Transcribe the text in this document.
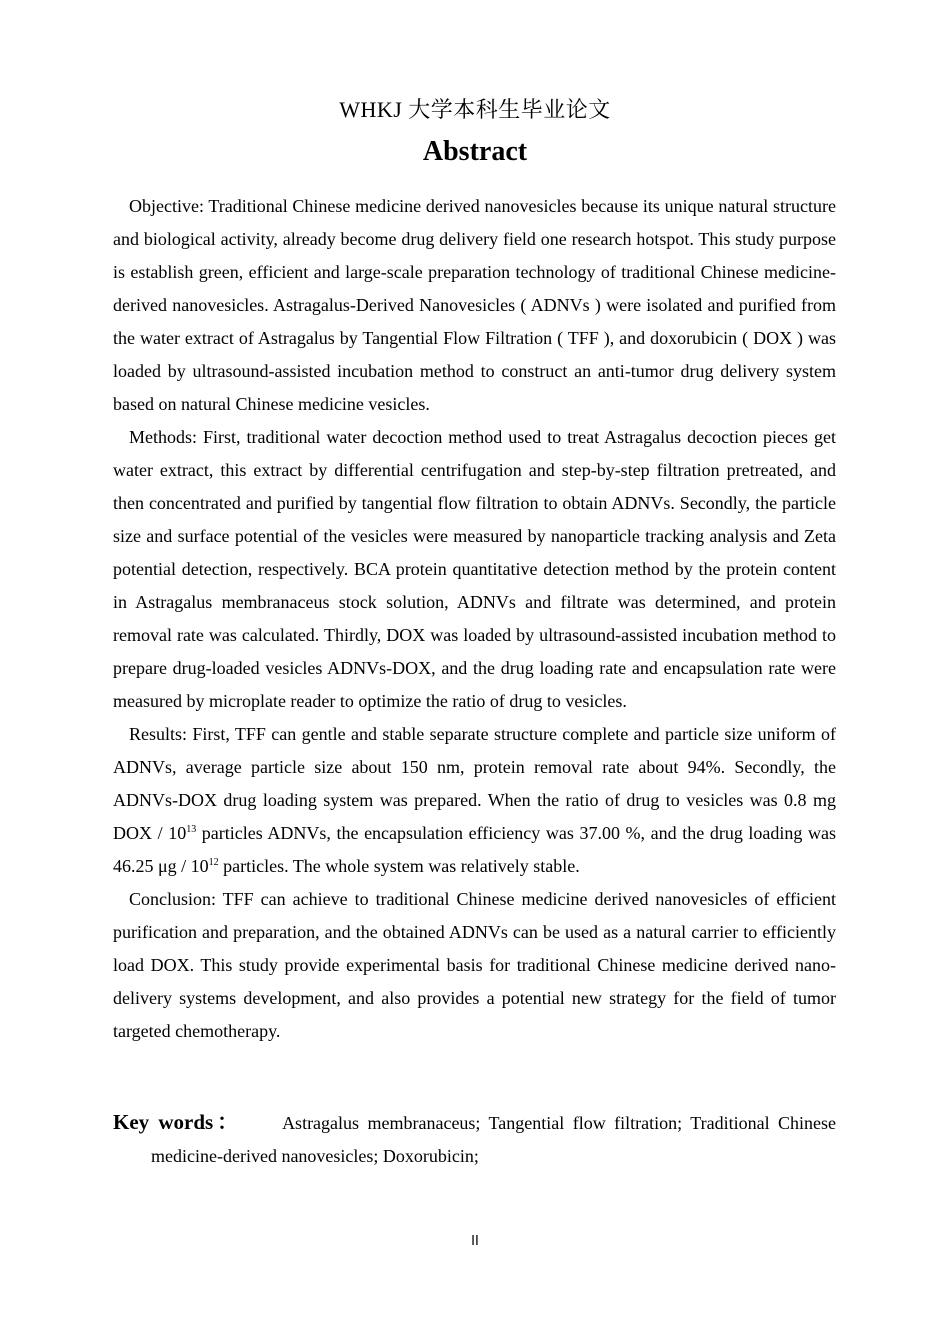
WHKJ 大学本科生毕业论文
Abstract

Objective: Traditional Chinese medicine derived nanovesicles because its unique natural structure and biological activity, already become drug delivery field one research hotspot. This study purpose is establish green, efficient and large-scale preparation technology of traditional Chinese medicine-derived nanovesicles. Astragalus-Derived Nanovesicles ( ADNVs ) were isolated and purified from the water extract of Astragalus by Tangential Flow Filtration ( TFF ), and doxorubicin ( DOX ) was loaded by ultrasound-assisted incubation method to construct an anti-tumor drug delivery system based on natural Chinese medicine vesicles.

Methods: First, traditional water decoction method used to treat Astragalus decoction pieces get water extract, this extract by differential centrifugation and step-by-step filtration pretreated, and then concentrated and purified by tangential flow filtration to obtain ADNVs. Secondly, the particle size and surface potential of the vesicles were measured by nanoparticle tracking analysis and Zeta potential detection, respectively. BCA protein quantitative detection method by the protein content in Astragalus membranaceus stock solution, ADNVs and filtrate was determined, and protein removal rate was calculated. Thirdly, DOX was loaded by ultrasound-assisted incubation method to prepare drug-loaded vesicles ADNVs-DOX, and the drug loading rate and encapsulation rate were measured by microplate reader to optimize the ratio of drug to vesicles.

Results: First, TFF can gentle and stable separate structure complete and particle size uniform of ADNVs, average particle size about 150 nm, protein removal rate about 94%. Secondly, the ADNVs-DOX drug loading system was prepared. When the ratio of drug to vesicles was 0.8 mg DOX / $10^{13}$ particles ADNVs, the encapsulation efficiency was 37.00 %, and the drug loading was 46.25 μg / $10^{12}$ particles. The whole system was relatively stable.

Conclusion: TFF can achieve to traditional Chinese medicine derived nanovesicles of efficient purification and preparation, and the obtained ADNVs can be used as a natural carrier to efficiently load DOX. This study provide experimental basis for traditional Chinese medicine derived nano-delivery systems development, and also provides a potential new strategy for the field of tumor targeted chemotherapy.

Key words： Astragalus membranaceus; Tangential flow filtration; Traditional Chinese medicine-derived nanovesicles; Doxorubicin;
II
